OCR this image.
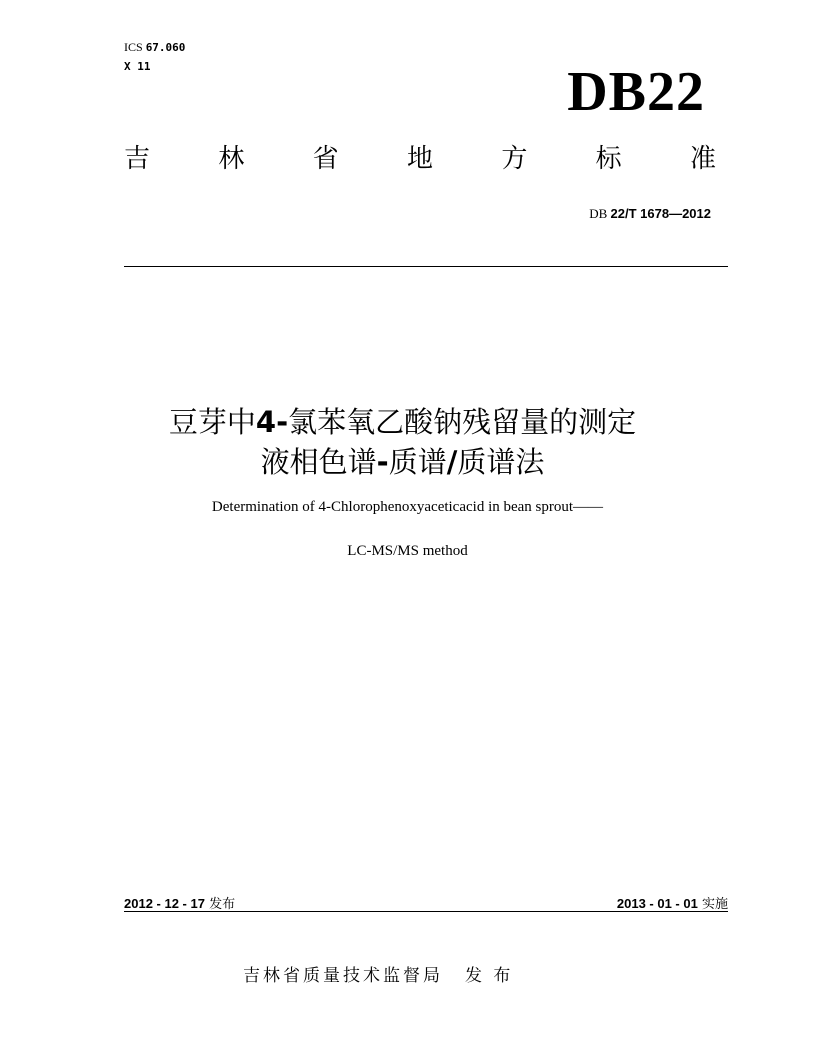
ICS 67.060
X 11	DB22
吉	林	省	地	方	标	准
DB 22/T 1678—2012
豆芽中4-氯苯氧乙酸钠残留量的测定
液相色谱-质谱/质谱法
Determination of 4-Chlorophenoxyaceticacid in bean sprout——
LC-MS/MS method
2012 - 12 - 17 发布	2013 - 01 - 01 实施
吉林省质量技术监督局 发 布
